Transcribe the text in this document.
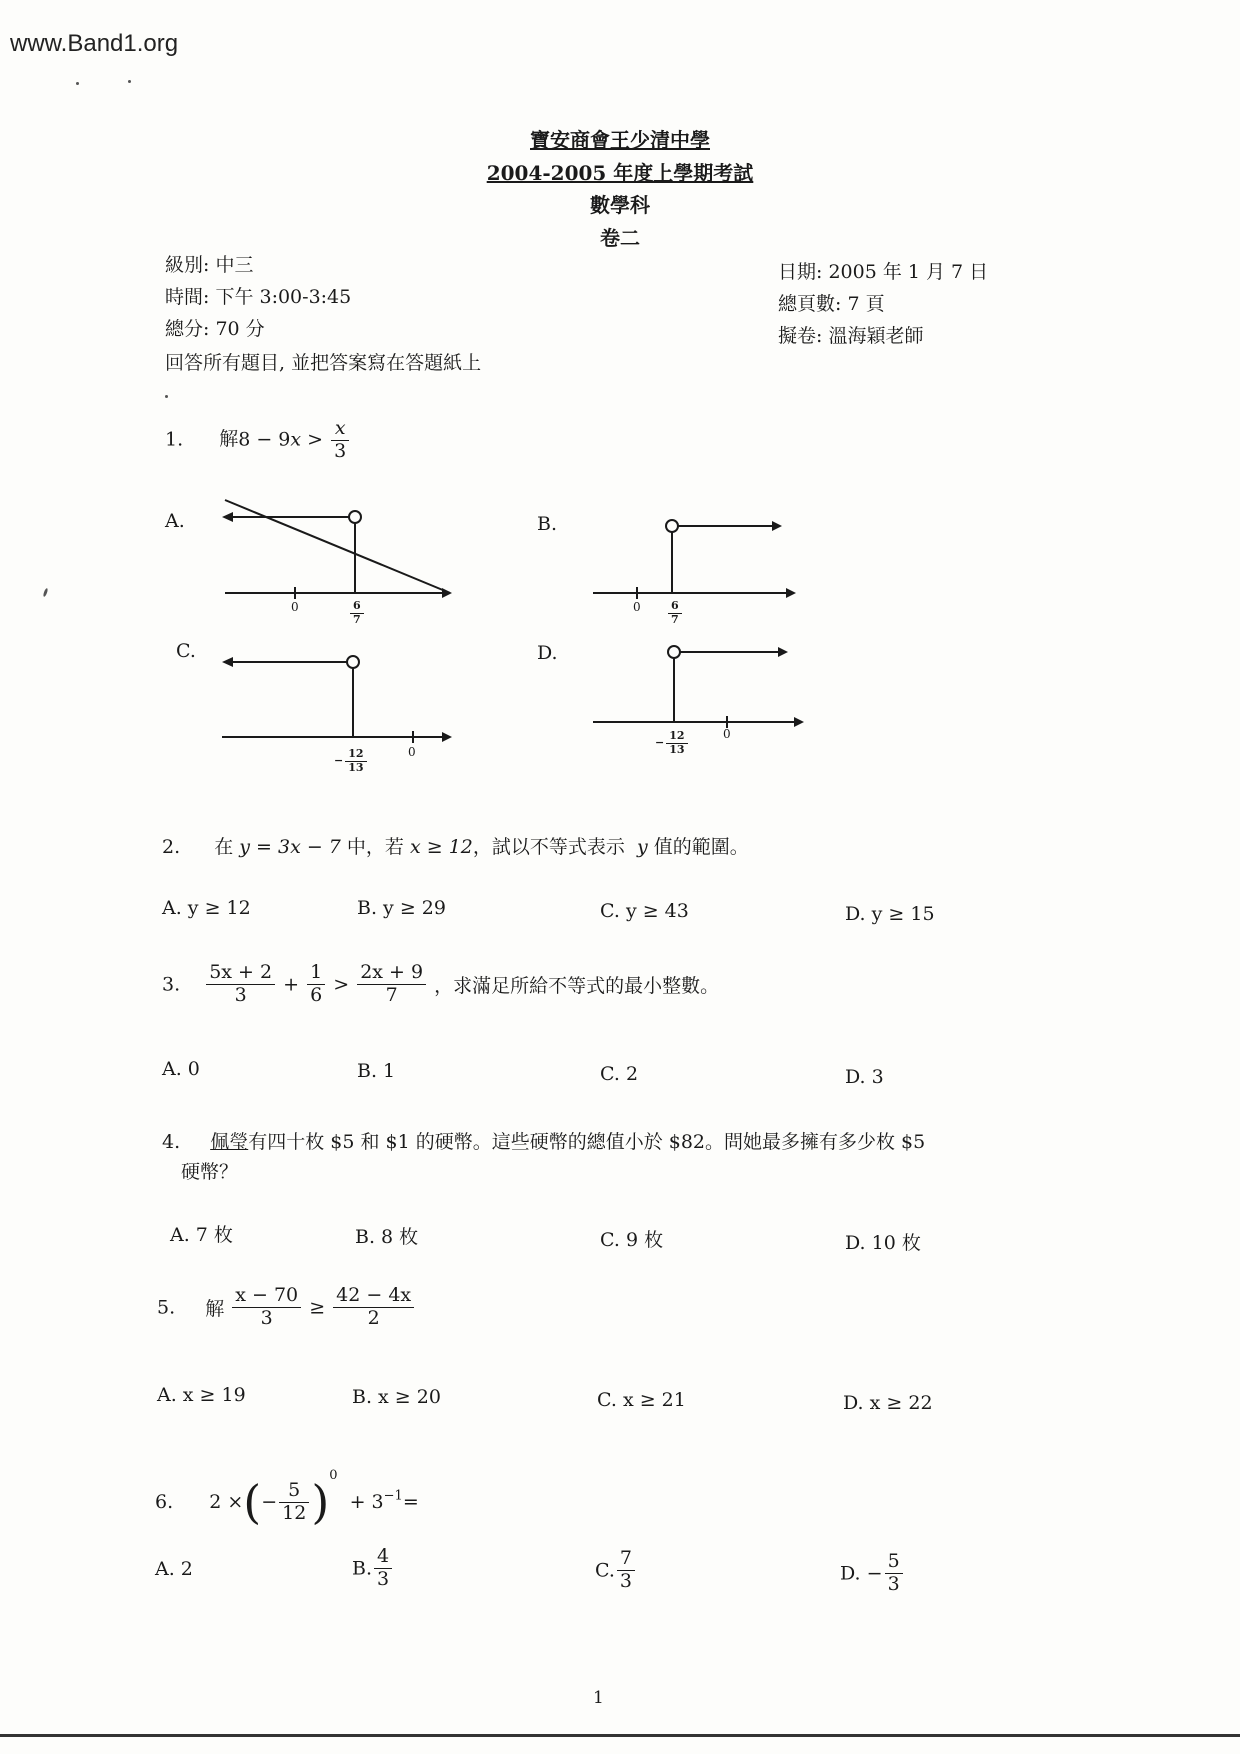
www.Band1.org
寶安商會王少清中學
2004-2005 年度上學期考試
數學科
卷二
級別: 中三
時間: 下午 3:00-3:45
總分: 70 分
回答所有題目, 並把答案寫在答題紙上
日期: 2005 年 1 月 7 日
總頁數: 7 頁
擬卷: 溫海穎老師
1. 解$8 - 9x > \frac{x}{3}$
A.
0	$\frac{6}{7}$
B.
$0 \frac{6}{7}$
C.
0
− $\frac{12}{13}$
D.
0
− $\frac{12}{13}$
2. 在 y = 3x − 7 中，若 x ≥ 12，試以不等式表示 y 值的範圍。
A. y ≥ 12	B. y ≥ 29	C. y ≥ 43	D. y ≥ 15
3. $\frac{5x + 2}{3} + \frac{1}{6} > \frac{2x + 9}{7}$ ，求滿足所給不等式的最小整數。
A. 0	B. 1	C. 2	D. 3
4. 佩瑩有四十枚 $5 和 $1 的硬幣。這些硬幣的總值小於 $82。問她最多擁有多少枚 $5
硬幣？
A. 7 枚	B. 8 枚	C. 9 枚	D. 10 枚
5. 解 $\frac{x - 70}{3} \ge \frac{42 - 4x}{2}$
A. x ≥ 19	B. x ≥ 20	C. x ≥ 21	D. x ≥ 22
6. 2 ×(− $\frac{5}{12} )^0 + 3^{-1}=$
A. 2	B. $\frac{4}{3}$	C. $\frac{7}{3}$	D. − $\frac{5}{3}$
1
